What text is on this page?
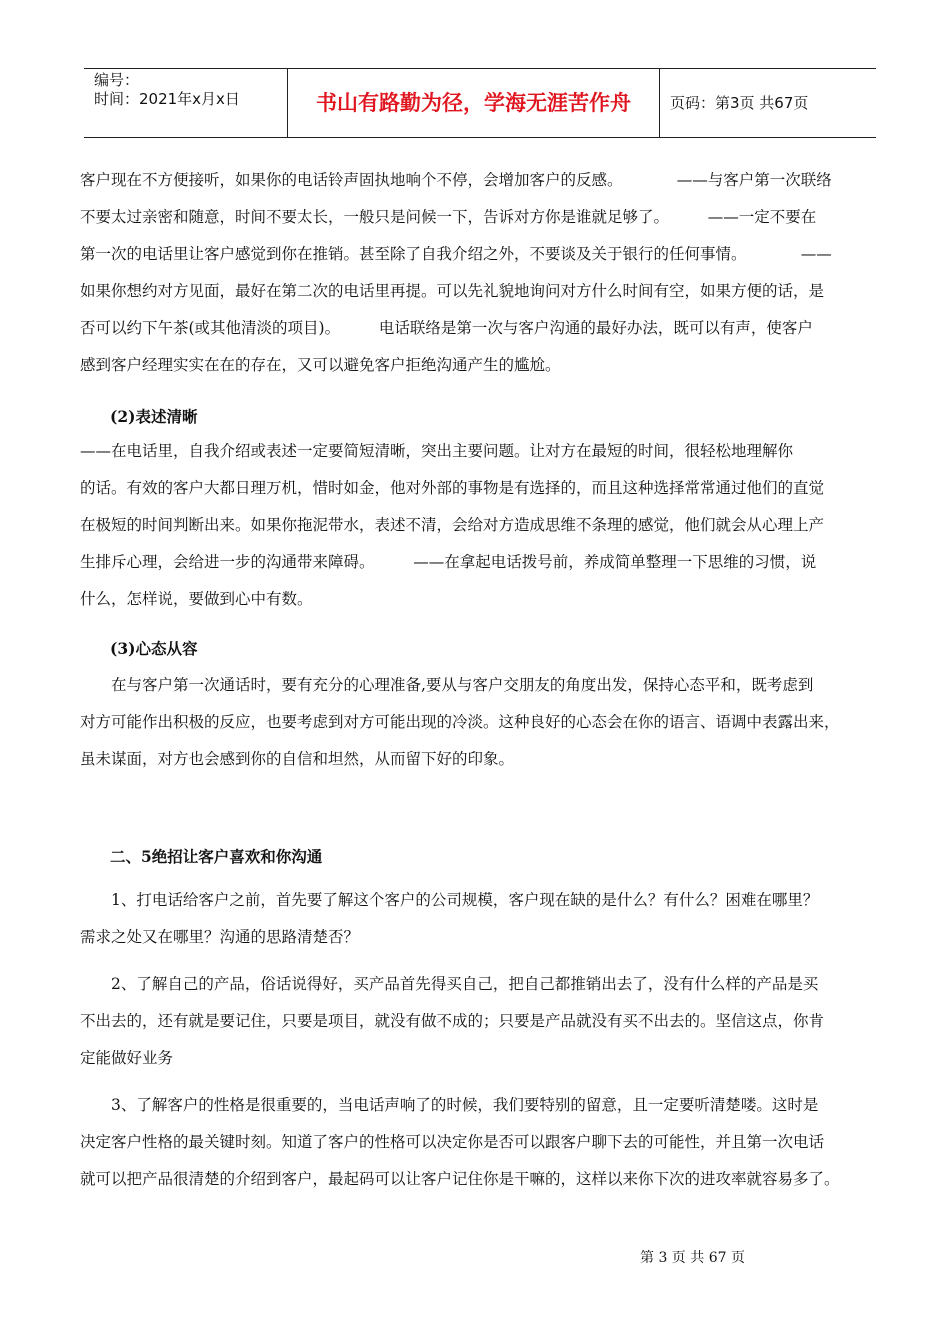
编号：
时间：2021年x月x日	书山有路勤为径，学海无涯苦作舟	页码：第3页 共67页
客户现在不方便接听，如果你的电话铃声固执地响个不停，会增加客户的反感。　　　　——与客户第一次联络
不要太过亲密和随意，时间不要太长，一般只是问候一下，告诉对方你是谁就足够了。　　　——一定不要在
第一次的电话里让客户感觉到你在推销。甚至除了自我介绍之外，不要谈及关于银行的任何事情。　　　　——
如果你想约对方见面，最好在第二次的电话里再提。可以先礼貌地询问对方什么时间有空，如果方便的话，是
否可以约下午茶(或其他清淡的项目)。　　　电话联络是第一次与客户沟通的最好办法，既可以有声，使客户
感到客户经理实实在在的存在，又可以避免客户拒绝沟通产生的尴尬。
(2)表述清晰
——在电话里，自我介绍或表述一定要简短清晰，突出主要问题。让对方在最短的时间，很轻松地理解你
的话。有效的客户大都日理万机，惜时如金，他对外部的事物是有选择的，而且这种选择常常通过他们的直觉
在极短的时间判断出来。如果你拖泥带水，表述不清，会给对方造成思维不条理的感觉，他们就会从心理上产
生排斥心理，会给进一步的沟通带来障碍。　　　——在拿起电话拨号前，养成简单整理一下思维的习惯，说
什么，怎样说，要做到心中有数。
(3)心态从容
　　在与客户第一次通话时，要有充分的心理准备,要从与客户交朋友的角度出发，保持心态平和，既考虑到
对方可能作出积极的反应，也要考虑到对方可能出现的冷淡。这种良好的心态会在你的语言、语调中表露出来，
虽未谋面，对方也会感到你的自信和坦然，从而留下好的印象。
二、5绝招让客户喜欢和你沟通
　　1、打电话给客户之前，首先要了解这个客户的公司规模，客户现在缺的是什么？有什么？困难在哪里？
需求之处又在哪里？沟通的思路清楚否？
　　2、了解自己的产品，俗话说得好，买产品首先得买自己，把自己都推销出去了，没有什么样的产品是买
不出去的，还有就是要记住，只要是项目，就没有做不成的；只要是产品就没有买不出去的。坚信这点，你肯
定能做好业务
　　3、了解客户的性格是很重要的，当电话声响了的时候，我们要特别的留意，且一定要听清楚喽。这时是
决定客户性格的最关键时刻。知道了客户的性格可以决定你是否可以跟客户聊下去的可能性，并且第一次电话
就可以把产品很清楚的介绍到客户，最起码可以让客户记住你是干嘛的，这样以来你下次的进攻率就容易多了。
第 3 页 共 67 页
